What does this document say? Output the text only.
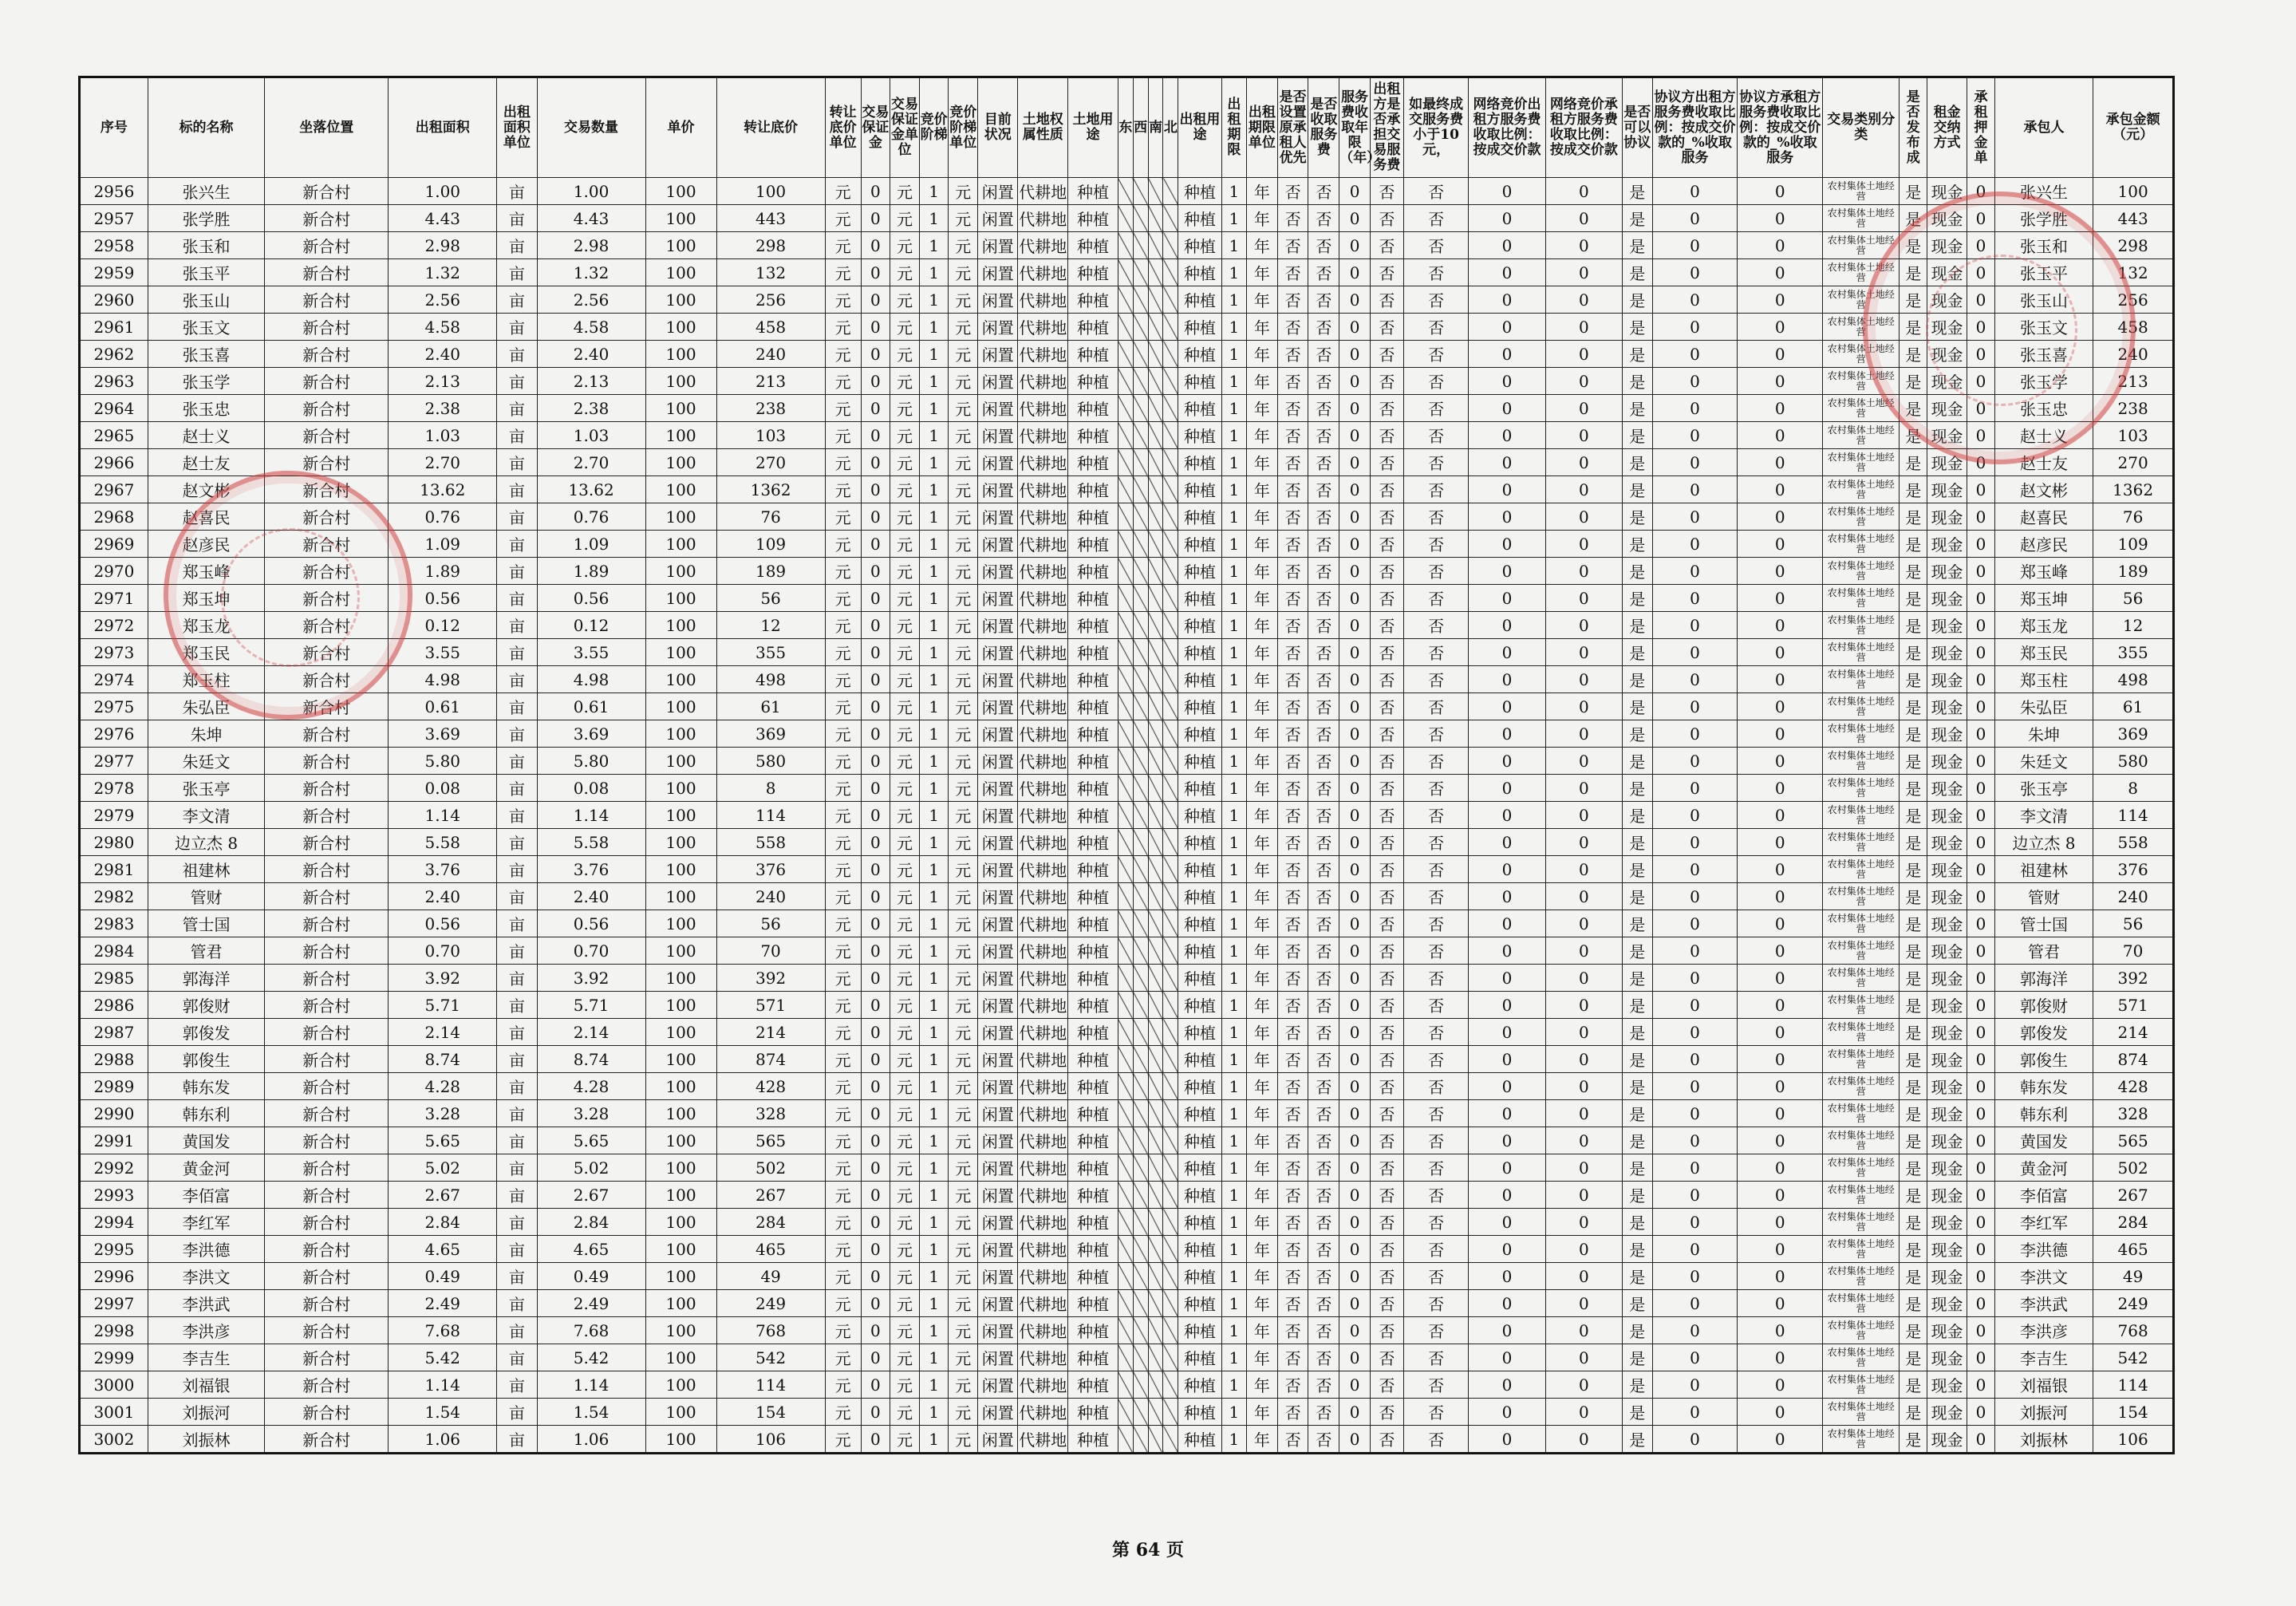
序号	标的名称	坐落位置	出租面积	出租面积单位	交易数量	单价	转让底价	转让底价单位	交易保证金	交易保证金单位	竞价阶梯	竞价阶梯单位	目前状况	土地权属性质	土地用途	东	西	南	北	出租用途	出租期限	出租期限单位	是否设置原承租人优先	是否收取服务费	服务费收取年限（年）	出租方是否承担交易服务费	如最终成交服务费小于10元，	网络竞价出租方服务费收取比例：按成交价款	网络竞价承租方服务费收取比例：按成交价款	是否可以协议	协议方出租方服务费收取比例：按成交价款的_%收取服务	协议方承租方服务费收取比例：按成交价款的_%收取服务	交易类别分类	是否发布成	租金交纳方式	承租押金单	承包人	承包金额（元）
2956	张兴生	新合村	1.00	亩	1.00	100	100	元	0	元	1	元	闲置	代耕地	种植					种植	1	年	否	否	0	否	否	0	0	是	0	0	农村集体土地经营	是	现金	0	张兴生	100
2957	张学胜	新合村	4.43	亩	4.43	100	443	元	0	元	1	元	闲置	代耕地	种植					种植	1	年	否	否	0	否	否	0	0	是	0	0	农村集体土地经营	是	现金	0	张学胜	443
2958	张玉和	新合村	2.98	亩	2.98	100	298	元	0	元	1	元	闲置	代耕地	种植					种植	1	年	否	否	0	否	否	0	0	是	0	0	农村集体土地经营	是	现金	0	张玉和	298
2959	张玉平	新合村	1.32	亩	1.32	100	132	元	0	元	1	元	闲置	代耕地	种植					种植	1	年	否	否	0	否	否	0	0	是	0	0	农村集体土地经营	是	现金	0	张玉平	132
2960	张玉山	新合村	2.56	亩	2.56	100	256	元	0	元	1	元	闲置	代耕地	种植					种植	1	年	否	否	0	否	否	0	0	是	0	0	农村集体土地经营	是	现金	0	张玉山	256
2961	张玉文	新合村	4.58	亩	4.58	100	458	元	0	元	1	元	闲置	代耕地	种植					种植	1	年	否	否	0	否	否	0	0	是	0	0	农村集体土地经营	是	现金	0	张玉文	458
2962	张玉喜	新合村	2.40	亩	2.40	100	240	元	0	元	1	元	闲置	代耕地	种植					种植	1	年	否	否	0	否	否	0	0	是	0	0	农村集体土地经营	是	现金	0	张玉喜	240
2963	张玉学	新合村	2.13	亩	2.13	100	213	元	0	元	1	元	闲置	代耕地	种植					种植	1	年	否	否	0	否	否	0	0	是	0	0	农村集体土地经营	是	现金	0	张玉学	213
2964	张玉忠	新合村	2.38	亩	2.38	100	238	元	0	元	1	元	闲置	代耕地	种植					种植	1	年	否	否	0	否	否	0	0	是	0	0	农村集体土地经营	是	现金	0	张玉忠	238
2965	赵士义	新合村	1.03	亩	1.03	100	103	元	0	元	1	元	闲置	代耕地	种植					种植	1	年	否	否	0	否	否	0	0	是	0	0	农村集体土地经营	是	现金	0	赵士义	103
2966	赵士友	新合村	2.70	亩	2.70	100	270	元	0	元	1	元	闲置	代耕地	种植					种植	1	年	否	否	0	否	否	0	0	是	0	0	农村集体土地经营	是	现金	0	赵士友	270
2967	赵文彬	新合村	13.62	亩	13.62	100	1362	元	0	元	1	元	闲置	代耕地	种植					种植	1	年	否	否	0	否	否	0	0	是	0	0	农村集体土地经营	是	现金	0	赵文彬	1362
2968	赵喜民	新合村	0.76	亩	0.76	100	76	元	0	元	1	元	闲置	代耕地	种植					种植	1	年	否	否	0	否	否	0	0	是	0	0	农村集体土地经营	是	现金	0	赵喜民	76
2969	赵彦民	新合村	1.09	亩	1.09	100	109	元	0	元	1	元	闲置	代耕地	种植					种植	1	年	否	否	0	否	否	0	0	是	0	0	农村集体土地经营	是	现金	0	赵彦民	109
2970	郑玉峰	新合村	1.89	亩	1.89	100	189	元	0	元	1	元	闲置	代耕地	种植					种植	1	年	否	否	0	否	否	0	0	是	0	0	农村集体土地经营	是	现金	0	郑玉峰	189
2971	郑玉坤	新合村	0.56	亩	0.56	100	56	元	0	元	1	元	闲置	代耕地	种植					种植	1	年	否	否	0	否	否	0	0	是	0	0	农村集体土地经营	是	现金	0	郑玉坤	56
2972	郑玉龙	新合村	0.12	亩	0.12	100	12	元	0	元	1	元	闲置	代耕地	种植					种植	1	年	否	否	0	否	否	0	0	是	0	0	农村集体土地经营	是	现金	0	郑玉龙	12
2973	郑玉民	新合村	3.55	亩	3.55	100	355	元	0	元	1	元	闲置	代耕地	种植					种植	1	年	否	否	0	否	否	0	0	是	0	0	农村集体土地经营	是	现金	0	郑玉民	355
2974	郑玉柱	新合村	4.98	亩	4.98	100	498	元	0	元	1	元	闲置	代耕地	种植					种植	1	年	否	否	0	否	否	0	0	是	0	0	农村集体土地经营	是	现金	0	郑玉柱	498
2975	朱弘臣	新合村	0.61	亩	0.61	100	61	元	0	元	1	元	闲置	代耕地	种植					种植	1	年	否	否	0	否	否	0	0	是	0	0	农村集体土地经营	是	现金	0	朱弘臣	61
2976	朱坤	新合村	3.69	亩	3.69	100	369	元	0	元	1	元	闲置	代耕地	种植					种植	1	年	否	否	0	否	否	0	0	是	0	0	农村集体土地经营	是	现金	0	朱坤	369
2977	朱廷文	新合村	5.80	亩	5.80	100	580	元	0	元	1	元	闲置	代耕地	种植					种植	1	年	否	否	0	否	否	0	0	是	0	0	农村集体土地经营	是	现金	0	朱廷文	580
2978	张玉亭	新合村	0.08	亩	0.08	100	8	元	0	元	1	元	闲置	代耕地	种植					种植	1	年	否	否	0	否	否	0	0	是	0	0	农村集体土地经营	是	现金	0	张玉亭	8
2979	李文清	新合村	1.14	亩	1.14	100	114	元	0	元	1	元	闲置	代耕地	种植					种植	1	年	否	否	0	否	否	0	0	是	0	0	农村集体土地经营	是	现金	0	李文清	114
2980	边立杰 8	新合村	5.58	亩	5.58	100	558	元	0	元	1	元	闲置	代耕地	种植					种植	1	年	否	否	0	否	否	0	0	是	0	0	农村集体土地经营	是	现金	0	边立杰 8	558
2981	祖建林	新合村	3.76	亩	3.76	100	376	元	0	元	1	元	闲置	代耕地	种植					种植	1	年	否	否	0	否	否	0	0	是	0	0	农村集体土地经营	是	现金	0	祖建林	376
2982	管财	新合村	2.40	亩	2.40	100	240	元	0	元	1	元	闲置	代耕地	种植					种植	1	年	否	否	0	否	否	0	0	是	0	0	农村集体土地经营	是	现金	0	管财	240
2983	管士国	新合村	0.56	亩	0.56	100	56	元	0	元	1	元	闲置	代耕地	种植					种植	1	年	否	否	0	否	否	0	0	是	0	0	农村集体土地经营	是	现金	0	管士国	56
2984	管君	新合村	0.70	亩	0.70	100	70	元	0	元	1	元	闲置	代耕地	种植					种植	1	年	否	否	0	否	否	0	0	是	0	0	农村集体土地经营	是	现金	0	管君	70
2985	郭海洋	新合村	3.92	亩	3.92	100	392	元	0	元	1	元	闲置	代耕地	种植					种植	1	年	否	否	0	否	否	0	0	是	0	0	农村集体土地经营	是	现金	0	郭海洋	392
2986	郭俊财	新合村	5.71	亩	5.71	100	571	元	0	元	1	元	闲置	代耕地	种植					种植	1	年	否	否	0	否	否	0	0	是	0	0	农村集体土地经营	是	现金	0	郭俊财	571
2987	郭俊发	新合村	2.14	亩	2.14	100	214	元	0	元	1	元	闲置	代耕地	种植					种植	1	年	否	否	0	否	否	0	0	是	0	0	农村集体土地经营	是	现金	0	郭俊发	214
2988	郭俊生	新合村	8.74	亩	8.74	100	874	元	0	元	1	元	闲置	代耕地	种植					种植	1	年	否	否	0	否	否	0	0	是	0	0	农村集体土地经营	是	现金	0	郭俊生	874
2989	韩东发	新合村	4.28	亩	4.28	100	428	元	0	元	1	元	闲置	代耕地	种植					种植	1	年	否	否	0	否	否	0	0	是	0	0	农村集体土地经营	是	现金	0	韩东发	428
2990	韩东利	新合村	3.28	亩	3.28	100	328	元	0	元	1	元	闲置	代耕地	种植					种植	1	年	否	否	0	否	否	0	0	是	0	0	农村集体土地经营	是	现金	0	韩东利	328
2991	黄国发	新合村	5.65	亩	5.65	100	565	元	0	元	1	元	闲置	代耕地	种植					种植	1	年	否	否	0	否	否	0	0	是	0	0	农村集体土地经营	是	现金	0	黄国发	565
2992	黄金河	新合村	5.02	亩	5.02	100	502	元	0	元	1	元	闲置	代耕地	种植					种植	1	年	否	否	0	否	否	0	0	是	0	0	农村集体土地经营	是	现金	0	黄金河	502
2993	李佰富	新合村	2.67	亩	2.67	100	267	元	0	元	1	元	闲置	代耕地	种植					种植	1	年	否	否	0	否	否	0	0	是	0	0	农村集体土地经营	是	现金	0	李佰富	267
2994	李红军	新合村	2.84	亩	2.84	100	284	元	0	元	1	元	闲置	代耕地	种植					种植	1	年	否	否	0	否	否	0	0	是	0	0	农村集体土地经营	是	现金	0	李红军	284
2995	李洪德	新合村	4.65	亩	4.65	100	465	元	0	元	1	元	闲置	代耕地	种植					种植	1	年	否	否	0	否	否	0	0	是	0	0	农村集体土地经营	是	现金	0	李洪德	465
2996	李洪文	新合村	0.49	亩	0.49	100	49	元	0	元	1	元	闲置	代耕地	种植					种植	1	年	否	否	0	否	否	0	0	是	0	0	农村集体土地经营	是	现金	0	李洪文	49
2997	李洪武	新合村	2.49	亩	2.49	100	249	元	0	元	1	元	闲置	代耕地	种植					种植	1	年	否	否	0	否	否	0	0	是	0	0	农村集体土地经营	是	现金	0	李洪武	249
2998	李洪彦	新合村	7.68	亩	7.68	100	768	元	0	元	1	元	闲置	代耕地	种植					种植	1	年	否	否	0	否	否	0	0	是	0	0	农村集体土地经营	是	现金	0	李洪彦	768
2999	李吉生	新合村	5.42	亩	5.42	100	542	元	0	元	1	元	闲置	代耕地	种植					种植	1	年	否	否	0	否	否	0	0	是	0	0	农村集体土地经营	是	现金	0	李吉生	542
3000	刘福银	新合村	1.14	亩	1.14	100	114	元	0	元	1	元	闲置	代耕地	种植					种植	1	年	否	否	0	否	否	0	0	是	0	0	农村集体土地经营	是	现金	0	刘福银	114
3001	刘振河	新合村	1.54	亩	1.54	100	154	元	0	元	1	元	闲置	代耕地	种植					种植	1	年	否	否	0	否	否	0	0	是	0	0	农村集体土地经营	是	现金	0	刘振河	154
3002	刘振林	新合村	1.06	亩	1.06	100	106	元	0	元	1	元	闲置	代耕地	种植					种植	1	年	否	否	0	否	否	0	0	是	0	0	农村集体土地经营	是	现金	0	刘振林	106
第 64 页
